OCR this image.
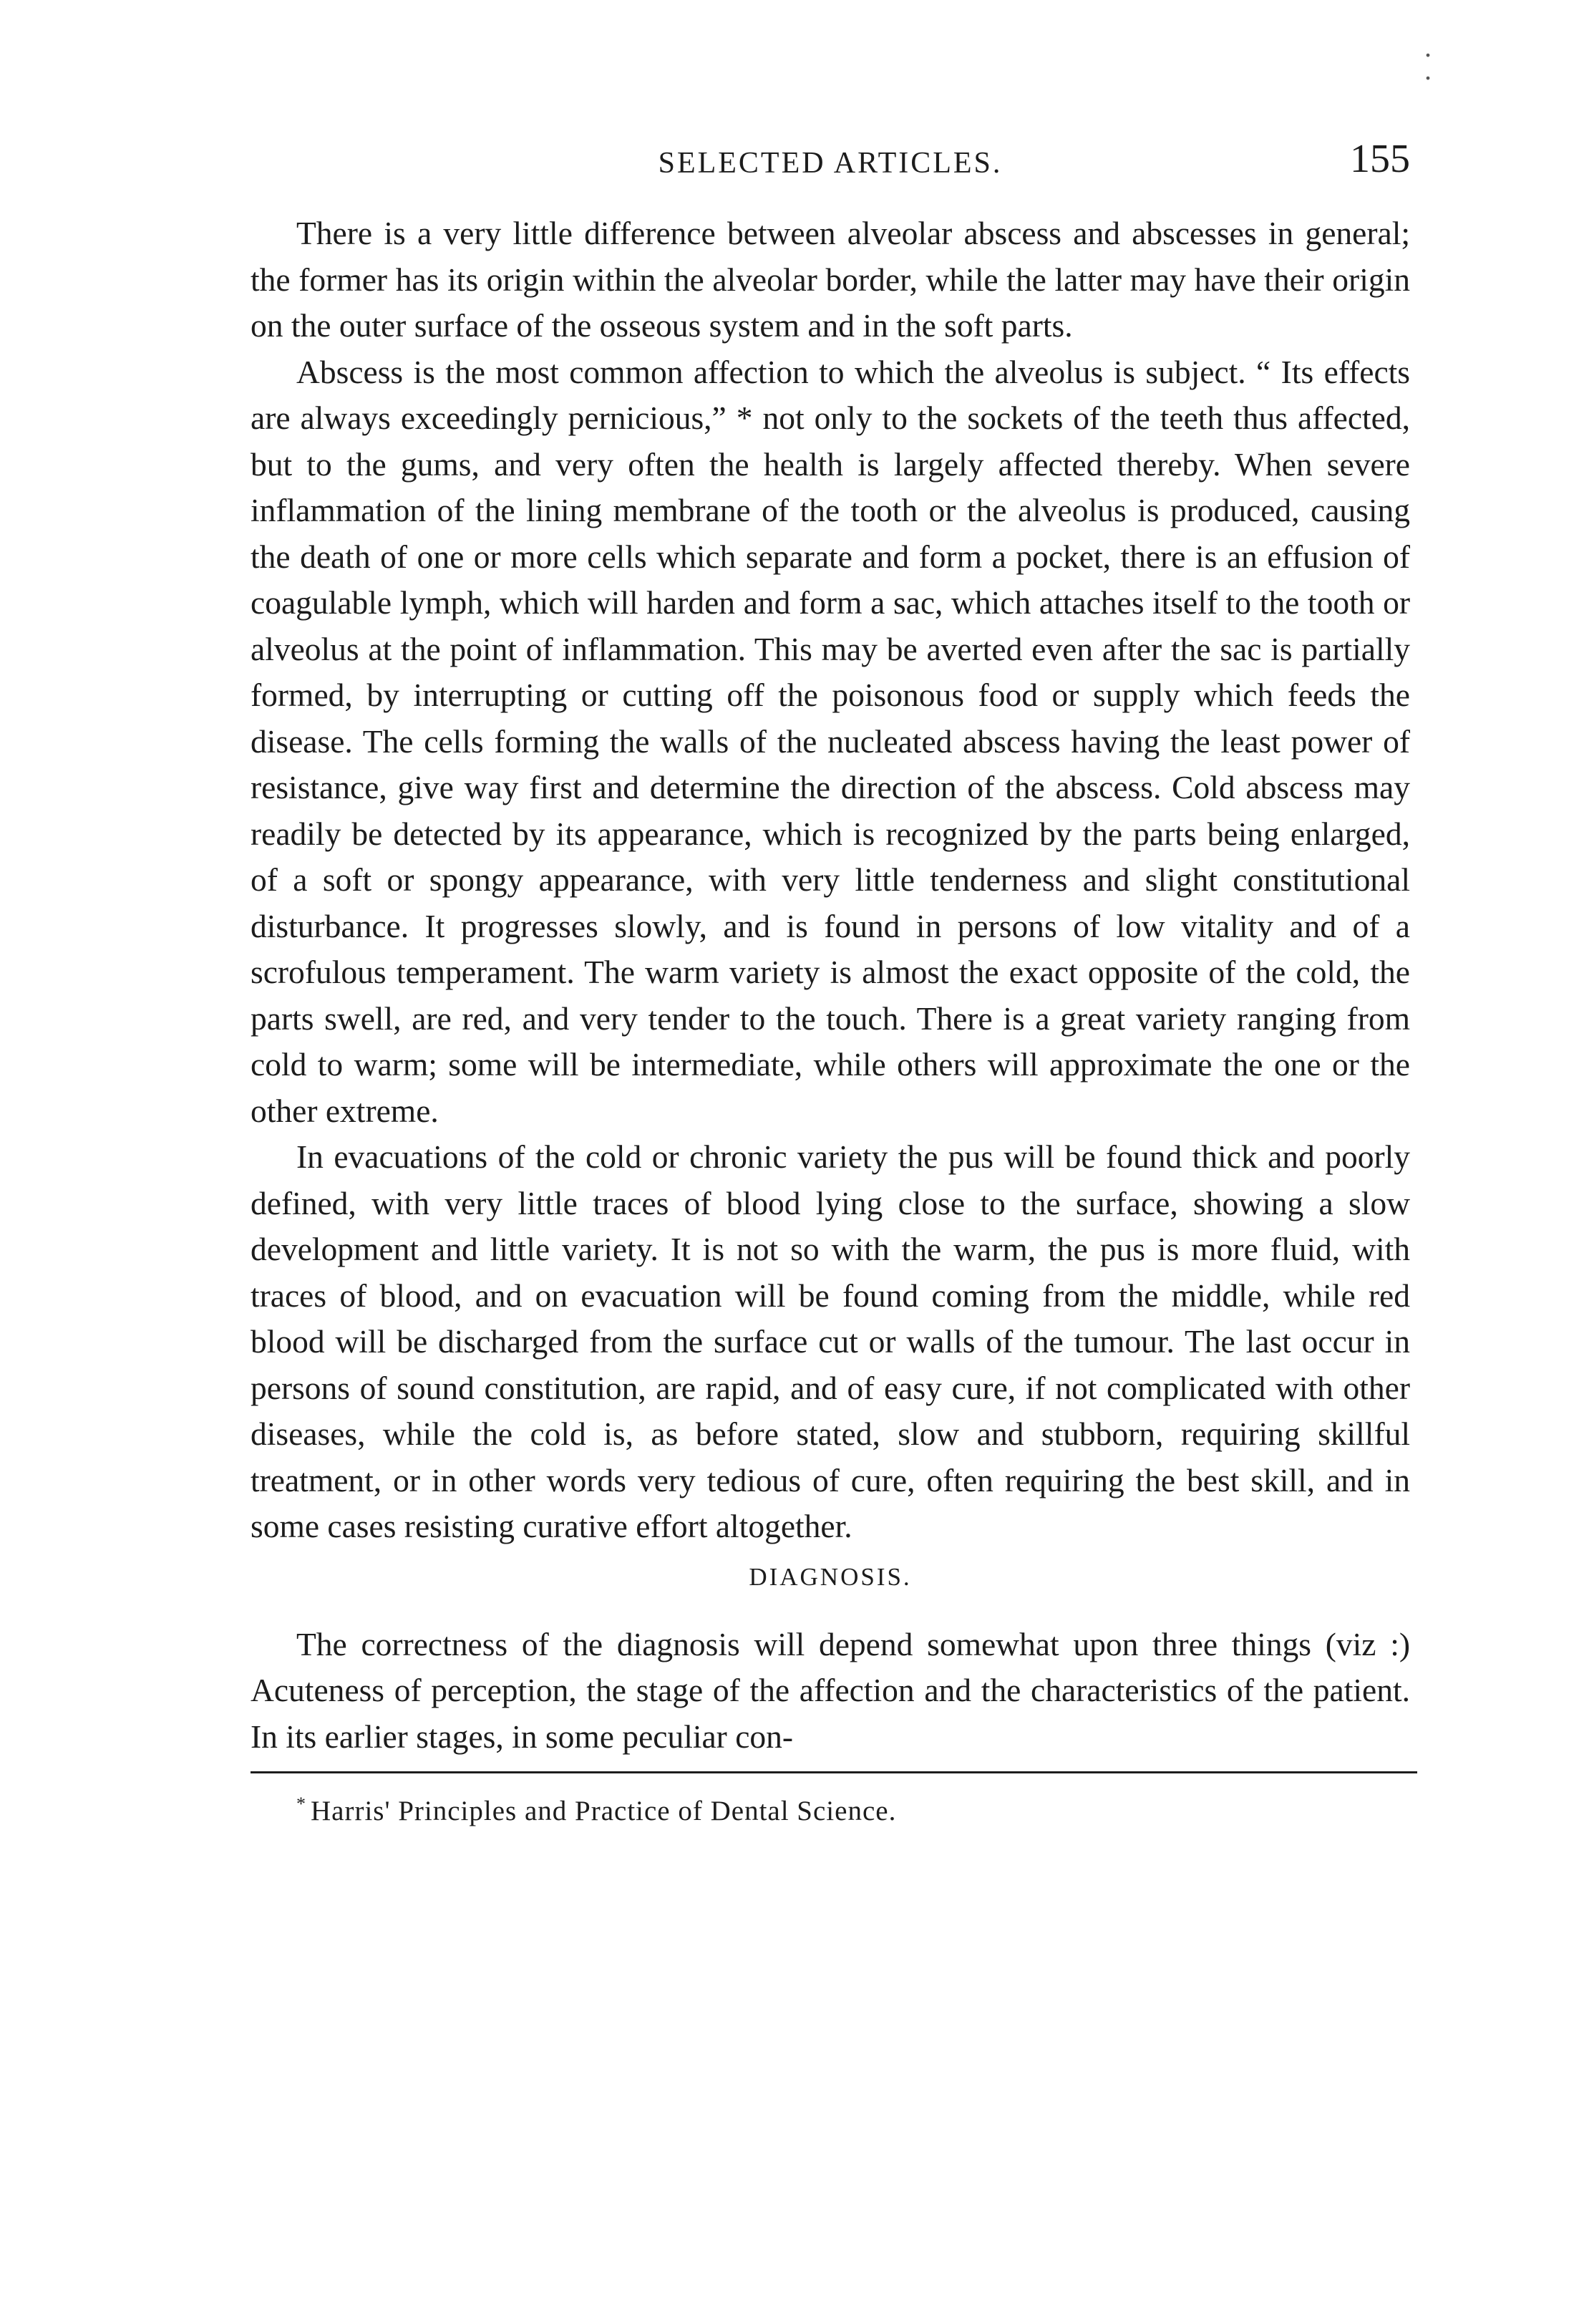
.
.
SELECTED ARTICLES.	155

There is a very little difference between alveolar abscess and abscesses in general; the former has its origin within the alveolar border, while the latter may have their origin on the outer surface of the osseous system and in the soft parts.

Abscess is the most common affection to which the alveolus is subject. “ Its effects are always exceedingly pernicious,” * not only to the sockets of the teeth thus affected, but to the gums, and very often the health is largely affected thereby. When severe inflammation of the lining membrane of the tooth or the alveolus is produced, causing the death of one or more cells which separate and form a pocket, there is an effusion of coagulable lymph, which will harden and form a sac, which attaches itself to the tooth or alveolus at the point of inflammation. This may be averted even after the sac is partially formed, by interrupting or cutting off the poisonous food or supply which feeds the disease. The cells forming the walls of the nucleated abscess having the least power of resistance, give way first and determine the direction of the abscess. Cold abscess may readily be detected by its appearance, which is recognized by the parts being enlarged, of a soft or spongy appearance, with very little tenderness and slight constitutional disturbance. It progresses slowly, and is found in persons of low vitality and of a scrofulous temperament. The warm variety is almost the exact opposite of the cold, the parts swell, are red, and very tender to the touch. There is a great variety ranging from cold to warm; some will be intermediate, while others will approximate the one or the other extreme.

In evacuations of the cold or chronic variety the pus will be found thick and poorly defined, with very little traces of blood lying close to the surface, showing a slow development and little variety. It is not so with the warm, the pus is more fluid, with traces of blood, and on evacuation will be found coming from the middle, while red blood will be discharged from the surface cut or walls of the tumour. The last occur in persons of sound constitution, are rapid, and of easy cure, if not complicated with other diseases, while the cold is, as before stated, slow and stubborn, requiring skillful treatment, or in other words very tedious of cure, often requiring the best skill, and in some cases resisting curative effort altogether.

DIAGNOSIS.

The correctness of the diagnosis will depend somewhat upon three things (viz :) Acuteness of perception, the stage of the affection and the characteristics of the patient. In its earlier stages, in some peculiar con-

* Harris' Principles and Practice of Dental Science.
